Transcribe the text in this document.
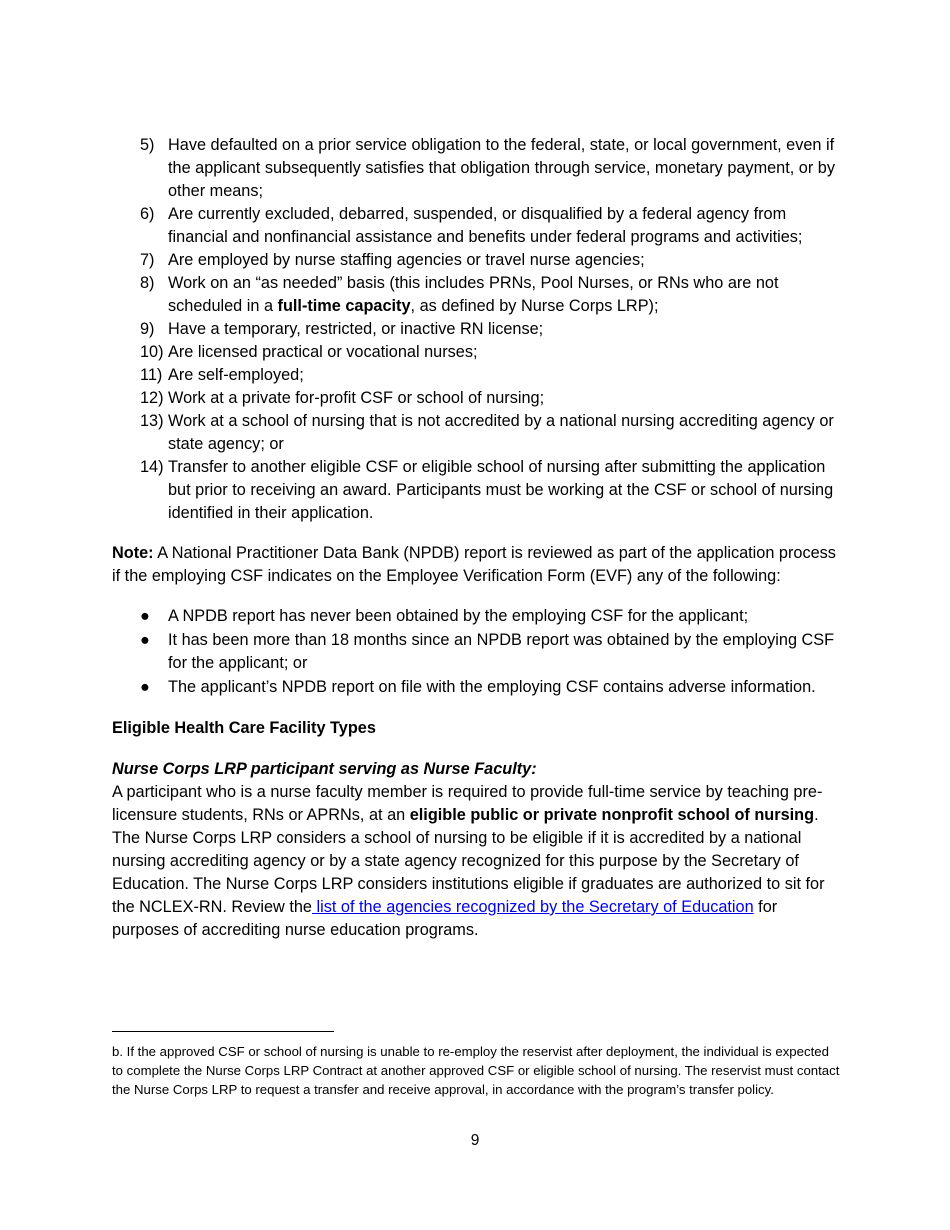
5) Have defaulted on a prior service obligation to the federal, state, or local government, even if the applicant subsequently satisfies that obligation through service, monetary payment, or by other means;
6) Are currently excluded, debarred, suspended, or disqualified by a federal agency from financial and nonfinancial assistance and benefits under federal programs and activities;
7) Are employed by nurse staffing agencies or travel nurse agencies;
8) Work on an “as needed” basis (this includes PRNs, Pool Nurses, or RNs who are not scheduled in a full-time capacity, as defined by Nurse Corps LRP);
9) Have a temporary, restricted, or inactive RN license;
10) Are licensed practical or vocational nurses;
11) Are self-employed;
12) Work at a private for-profit CSF or school of nursing;
13) Work at a school of nursing that is not accredited by a national nursing accrediting agency or state agency; or
14) Transfer to another eligible CSF or eligible school of nursing after submitting the application but prior to receiving an award. Participants must be working at the CSF or school of nursing identified in their application.

Note: A National Practitioner Data Bank (NPDB) report is reviewed as part of the application process if the employing CSF indicates on the Employee Verification Form (EVF) any of the following:

● A NPDB report has never been obtained by the employing CSF for the applicant;
● It has been more than 18 months since an NPDB report was obtained by the employing CSF for the applicant; or
● The applicant’s NPDB report on file with the employing CSF contains adverse information.

Eligible Health Care Facility Types

Nurse Corps LRP participant serving as Nurse Faculty:

A participant who is a nurse faculty member is required to provide full-time service by teaching pre-licensure students, RNs or APRNs, at an eligible public or private nonprofit school of nursing. The Nurse Corps LRP considers a school of nursing to be eligible if it is accredited by a national nursing accrediting agency or by a state agency recognized for this purpose by the Secretary of Education. The Nurse Corps LRP considers institutions eligible if graduates are authorized to sit for the NCLEX-RN. Review the list of the agencies recognized by the Secretary of Education for purposes of accrediting nurse education programs.

b. If the approved CSF or school of nursing is unable to re-employ the reservist after deployment, the individual is expected to complete the Nurse Corps LRP Contract at another approved CSF or eligible school of nursing. The reservist must contact the Nurse Corps LRP to request a transfer and receive approval, in accordance with the program’s transfer policy.

9
